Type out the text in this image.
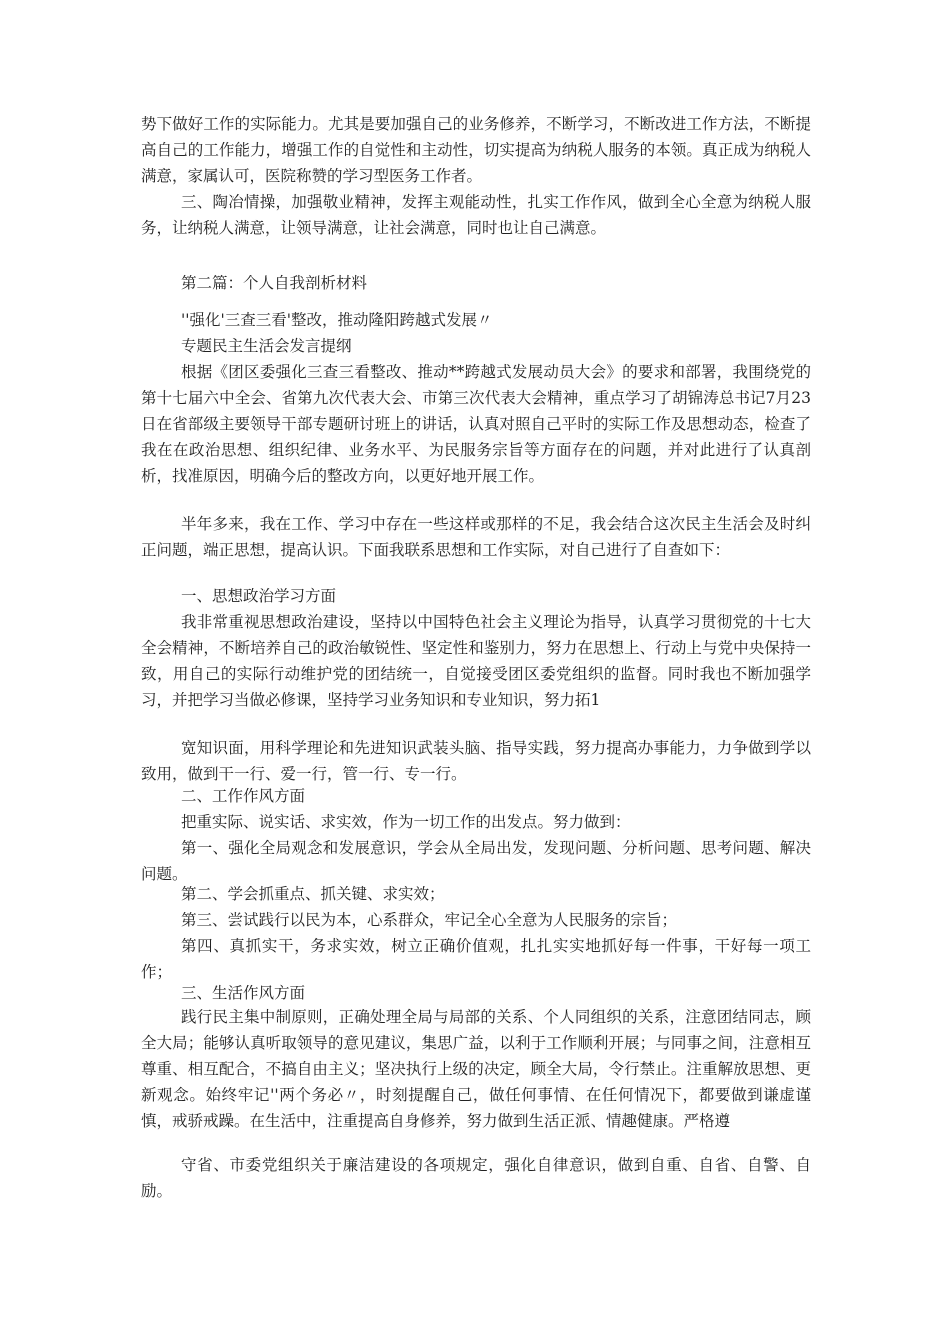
势下做好工作的实际能力。尤其是要加强自己的业务修养，不断学习，不断改进工作方法，不断提高自己的工作能力，增强工作的自觉性和主动性，切实提高为纳税人服务的本领。真正成为纳税人满意，家属认可，医院称赞的学习型医务工作者。

三、陶冶情操，加强敬业精神，发挥主观能动性，扎实工作作风，做到全心全意为纳税人服务，让纳税人满意，让领导满意，让社会满意，同时也让自己满意。

第二篇：个人自我剖析材料

''强化'三查三看'整改，推动隆阳跨越式发展〃

专题民主生活会发言提纲

根据《团区委强化三查三看整改、推动**跨越式发展动员大会》的要求和部署，我围绕党的第十七届六中全会、省第九次代表大会、市第三次代表大会精神，重点学习了胡锦涛总书记7月23日在省部级主要领导干部专题研讨班上的讲话，认真对照自己平时的实际工作及思想动态，检查了我在在政治思想、组织纪律、业务水平、为民服务宗旨等方面存在的问题，并对此进行了认真剖析，找准原因，明确今后的整改方向，以更好地开展工作。

半年多来，我在工作、学习中存在一些这样或那样的不足，我会结合这次民主生活会及时纠正问题，端正思想，提高认识。下面我联系思想和工作实际，对自己进行了自查如下：

一、思想政治学习方面

我非常重视思想政治建设，坚持以中国特色社会主义理论为指导，认真学习贯彻党的十七大全会精神，不断培养自己的政治敏锐性、坚定性和鉴别力，努力在思想上、行动上与党中央保持一致，用自己的实际行动维护党的团结统一，自觉接受团区委党组织的监督。同时我也不断加强学习，并把学习当做必修课，坚持学习业务知识和专业知识，努力拓1

宽知识面，用科学理论和先进知识武装头脑、指导实践，努力提高办事能力，力争做到学以致用，做到干一行、爱一行，管一行、专一行。

二、工作作风方面

把重实际、说实话、求实效，作为一切工作的出发点。努力做到：

第一、强化全局观念和发展意识，学会从全局出发，发现问题、分析问题、思考问题、解决问题。

第二、学会抓重点、抓关键、求实效；

第三、尝试践行以民为本，心系群众，牢记全心全意为人民服务的宗旨；

第四、真抓实干，务求实效，树立正确价值观，扎扎实实地抓好每一件事，干好每一项工作；

三、生活作风方面

践行民主集中制原则，正确处理全局与局部的关系、个人同组织的关系，注意团结同志，顾全大局；能够认真听取领导的意见建议，集思广益，以利于工作顺利开展；与同事之间，注意相互尊重、相互配合，不搞自由主义；坚决执行上级的决定，顾全大局，令行禁止。注重解放思想、更新观念。始终牢记''两个务必〃，时刻提醒自己，做任何事情、在任何情况下，都要做到谦虚谨慎，戒骄戒躁。在生活中，注重提高自身修养，努力做到生活正派、情趣健康。严格遵

守省、市委党组织关于廉洁建设的各项规定，强化自律意识，做到自重、自省、自警、自励。
